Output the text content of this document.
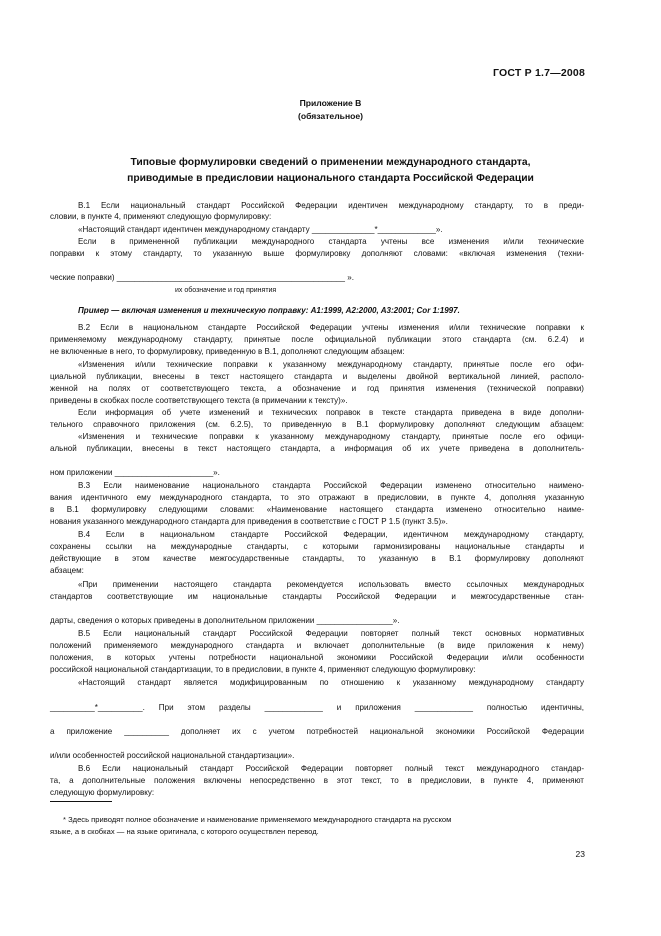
ГОСТ Р 1.7—2008
Приложение В
(обязательное)
Типовые формулировки сведений о применении международного стандарта,
приводимые в предисловии национального стандарта Российской Федерации
В.1 Если национальный стандарт Российской Федерации идентичен международному стандарту, то в преди-
словии, в пункте 4, применяют следующую формулировку:
«Настоящий стандарт идентичен международному стандарту ______________*_____________».
Если в примененной публикации международного стандарта учтены все изменения и/или технические
поправки к этому стандарту, то указанную выше формулировку дополняют словами: «включая изменения (техни-
ческие поправки) ___________________________________________________ ».
их обозначение и год принятия
Пример — включая изменения и техническую поправку: A1:1999, A2:2000, A3:2001; Cor 1:1997.
В.2 Если в национальном стандарте Российской Федерации учтены изменения и/или технические поправки к
применяемому международному стандарту, принятые после официальной публикации этого стандарта (см. 6.2.4) и
не включенные в него, то формулировку, приведенную в В.1, дополняют следующим абзацем:
«Изменения и/или технические поправки к указанному международному стандарту, принятые после его офи-
циальной публикации, внесены в текст настоящего стандарта и выделены двойной вертикальной линией, располо-
женной на полях от соответствующего текста, а обозначение и год принятия изменения (технической поправки)
приведены в скобках после соответствующего текста (в примечании к тексту)».
Если информация об учете изменений и технических поправок в тексте стандарта приведена в виде дополни-
тельного справочного приложения (см. 6.2.5), то приведенную в В.1 формулировку дополняют следующим абзацем:
«Изменения и технические поправки к указанному международному стандарту, принятые после его офици-
альной публикации, внесены в текст настоящего стандарта, а информация об их учете приведена в дополнитель-
ном приложении ______________________».
В.3 Если наименование национального стандарта Российской Федерации изменено относительно наимено-
вания идентичного ему международного стандарта, то это отражают в предисловии, в пункте 4, дополняя указанную
в В.1 формулировку следующими словами: «Наименование настоящего стандарта изменено относительно наиме-
нования указанного международного стандарта для приведения в соответствие с ГОСТ Р 1.5 (пункт 3.5)».
В.4 Если в национальном стандарте Российской Федерации, идентичном международному стандарту,
сохранены ссылки на международные стандарты, с которыми гармонизированы национальные стандарты и
действующие в этом качестве межгосударственные стандарты, то указанную в В.1 формулировку дополняют
абзацем:
«При применении настоящего стандарта рекомендуется использовать вместо ссылочных международных
стандартов соответствующие им национальные стандарты Российской Федерации и межгосударственные стан-
дарты, сведения о которых приведены в дополнительном приложении _________________».
В.5 Если национальный стандарт Российской Федерации повторяет полный текст основных нормативных
положений применяемого международного стандарта и включает дополнительные (в виде приложения к нему)
положения, в которых учтены потребности национальной экономики Российской Федерации и/или особенности
российской национальной стандартизации, то в предисловии, в пункте 4, применяют следующую формулировку:
«Настоящий стандарт является модифицированным по отношению к указанному международному стандарту
__________*__________. При этом разделы _____________ и приложения _____________ полностью идентичны,
а приложение __________ дополняет их с учетом потребностей национальной экономики Российской Федерации
и/или особенностей российской национальной стандартизации».
В.6 Если национальный стандарт Российской Федерации повторяет полный текст международного стандар-
та, а дополнительные положения включены непосредственно в этот текст, то в предисловии, в пункте 4, применяют
следующую формулировку:
* Здесь приводят полное обозначение и наименование применяемого международного стандарта на русском
языке, а в скобках — на языке оригинала, с которого осуществлен перевод.
23
